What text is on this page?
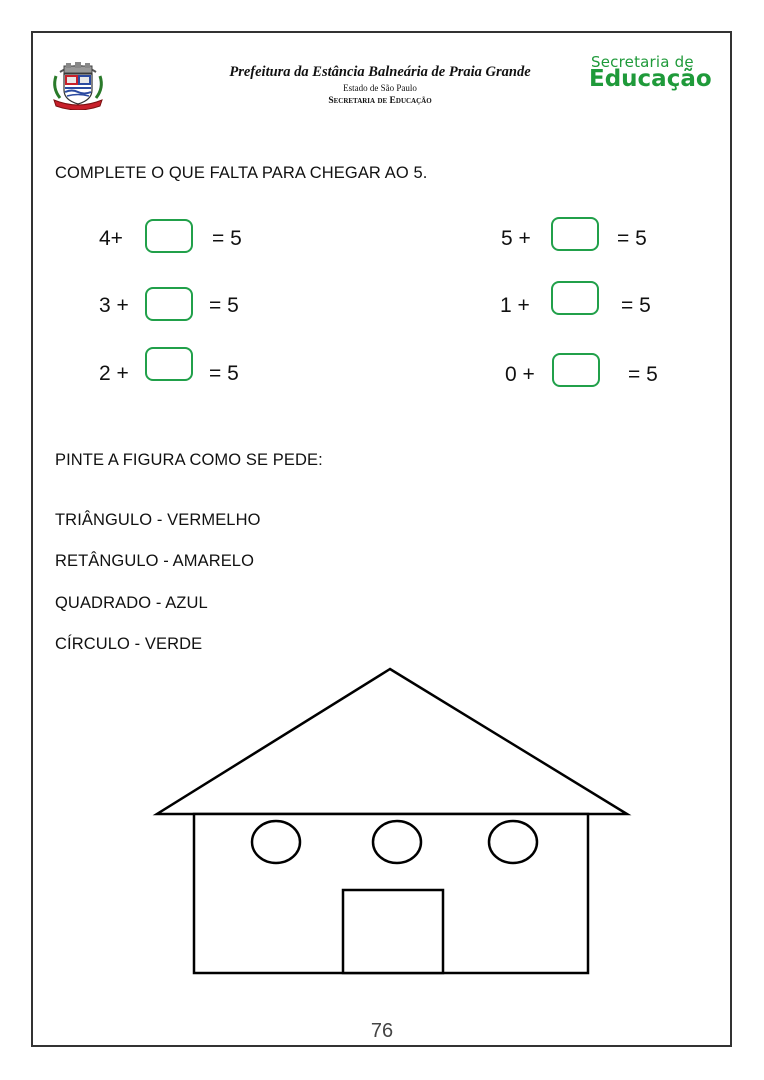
Prefeitura da Estância Balneária de Praia Grande
Estado de São Paulo
Secretaria de Educação
Secretaria de
Educação
COMPLETE O QUE FALTA PARA CHEGAR AO 5.
4+	= 5
3 +	= 5
2 +	= 5
5 +	= 5
1 +	= 5
0 +	= 5
PINTE A FIGURA COMO SE PEDE:
TRIÂNGULO - VERMELHO
RETÂNGULO - AMARELO
QUADRADO - AZUL
CÍRCULO - VERDE
76
